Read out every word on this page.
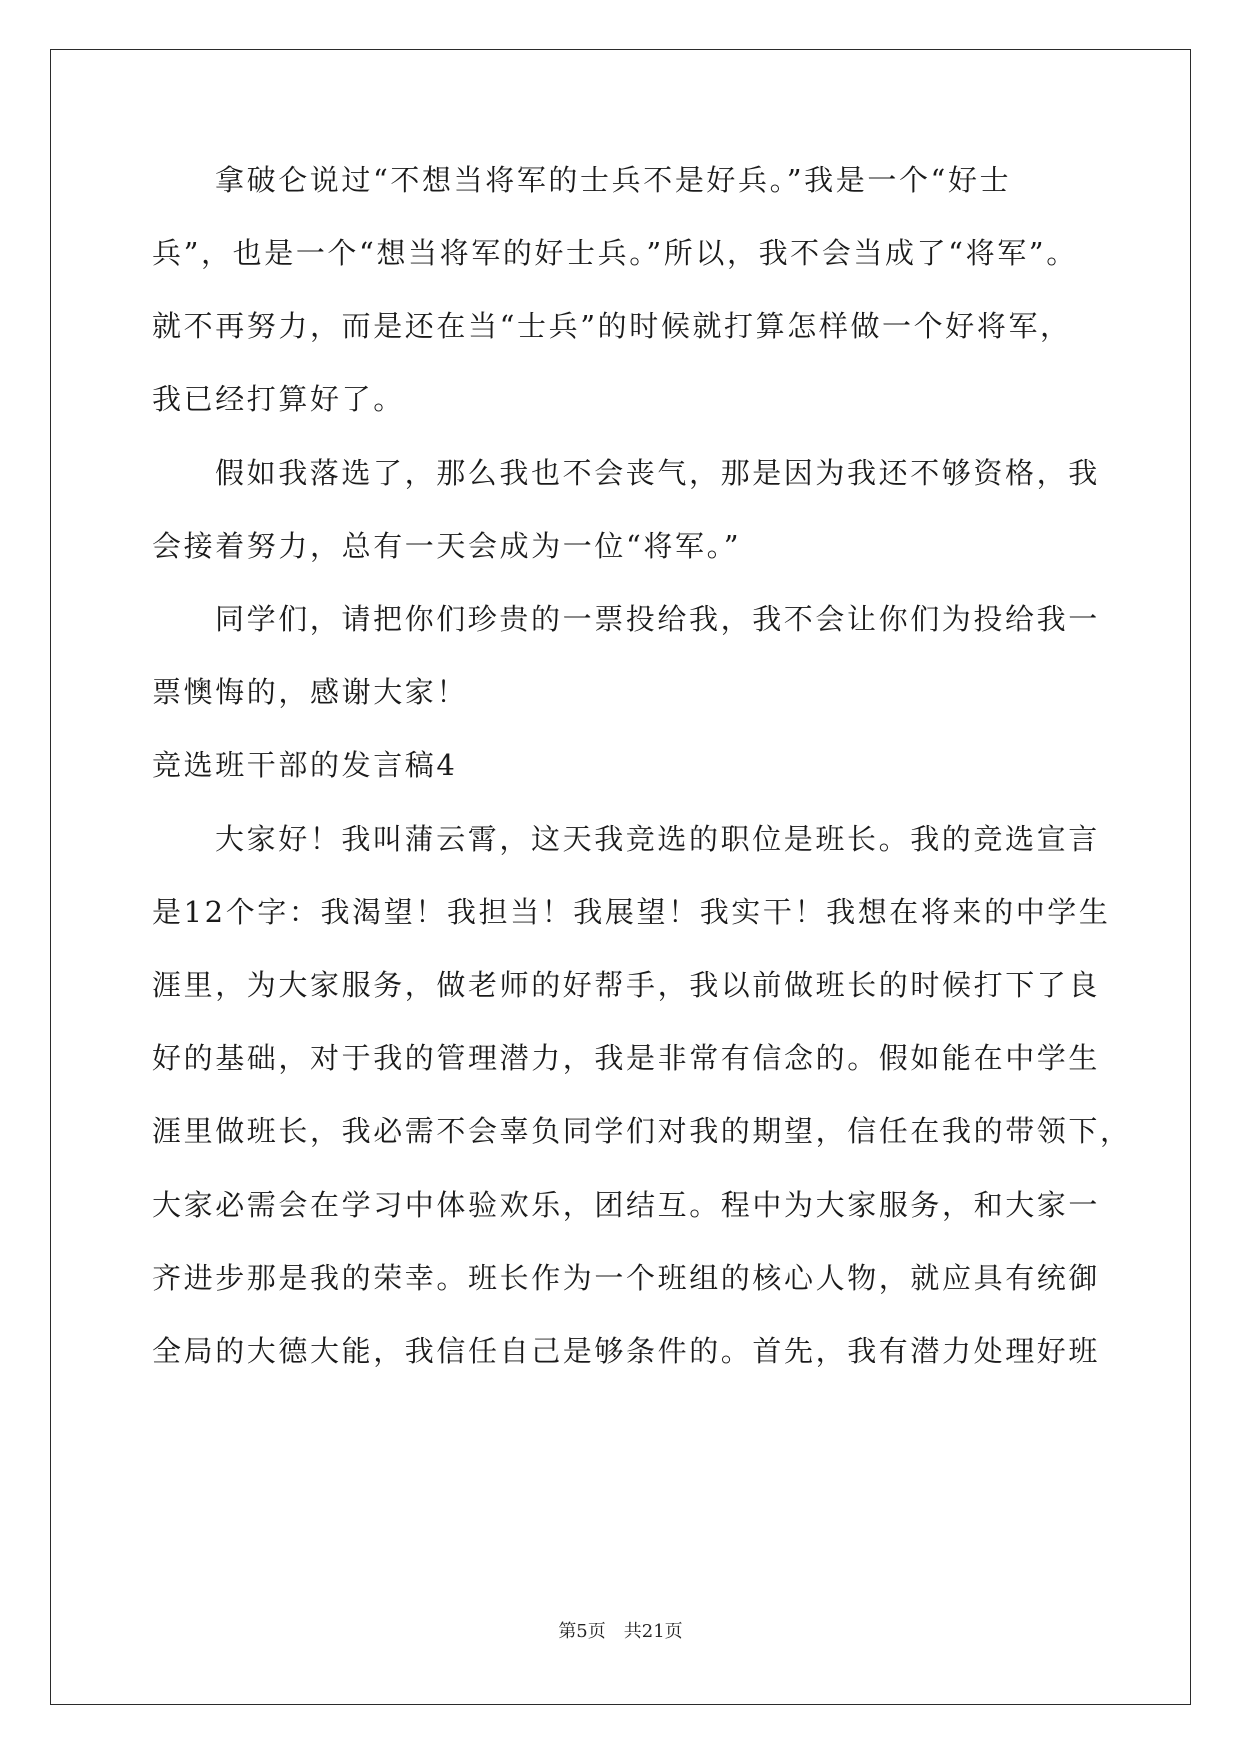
拿破仑说过“不想当将军的士兵不是好兵。”我是一个“好士
兵”，也是一个“想当将军的好士兵。”所以，我不会当成了“将军”。
就不再努力，而是还在当“士兵”的时候就打算怎样做一个好将军，
我已经打算好了。
假如我落选了，那么我也不会丧气，那是因为我还不够资格，我
会接着努力，总有一天会成为一位“将军。”
同学们，请把你们珍贵的一票投给我，我不会让你们为投给我一
票懊悔的，感谢大家！
竞选班干部的发言稿4
大家好！我叫蒲云霄，这天我竞选的职位是班长。我的竞选宣言
是12个字：我渴望！我担当！我展望！我实干！我想在将来的中学生
涯里，为大家服务，做老师的好帮手，我以前做班长的时候打下了良
好的基础，对于我的管理潜力，我是非常有信念的。假如能在中学生
涯里做班长，我必需不会辜负同学们对我的期望，信任在我的带领下，
大家必需会在学习中体验欢乐，团结互。程中为大家服务，和大家一
齐进步那是我的荣幸。班长作为一个班组的核心人物，就应具有统御
全局的大德大能，我信任自己是够条件的。首先，我有潜力处理好班
第5页 共21页
